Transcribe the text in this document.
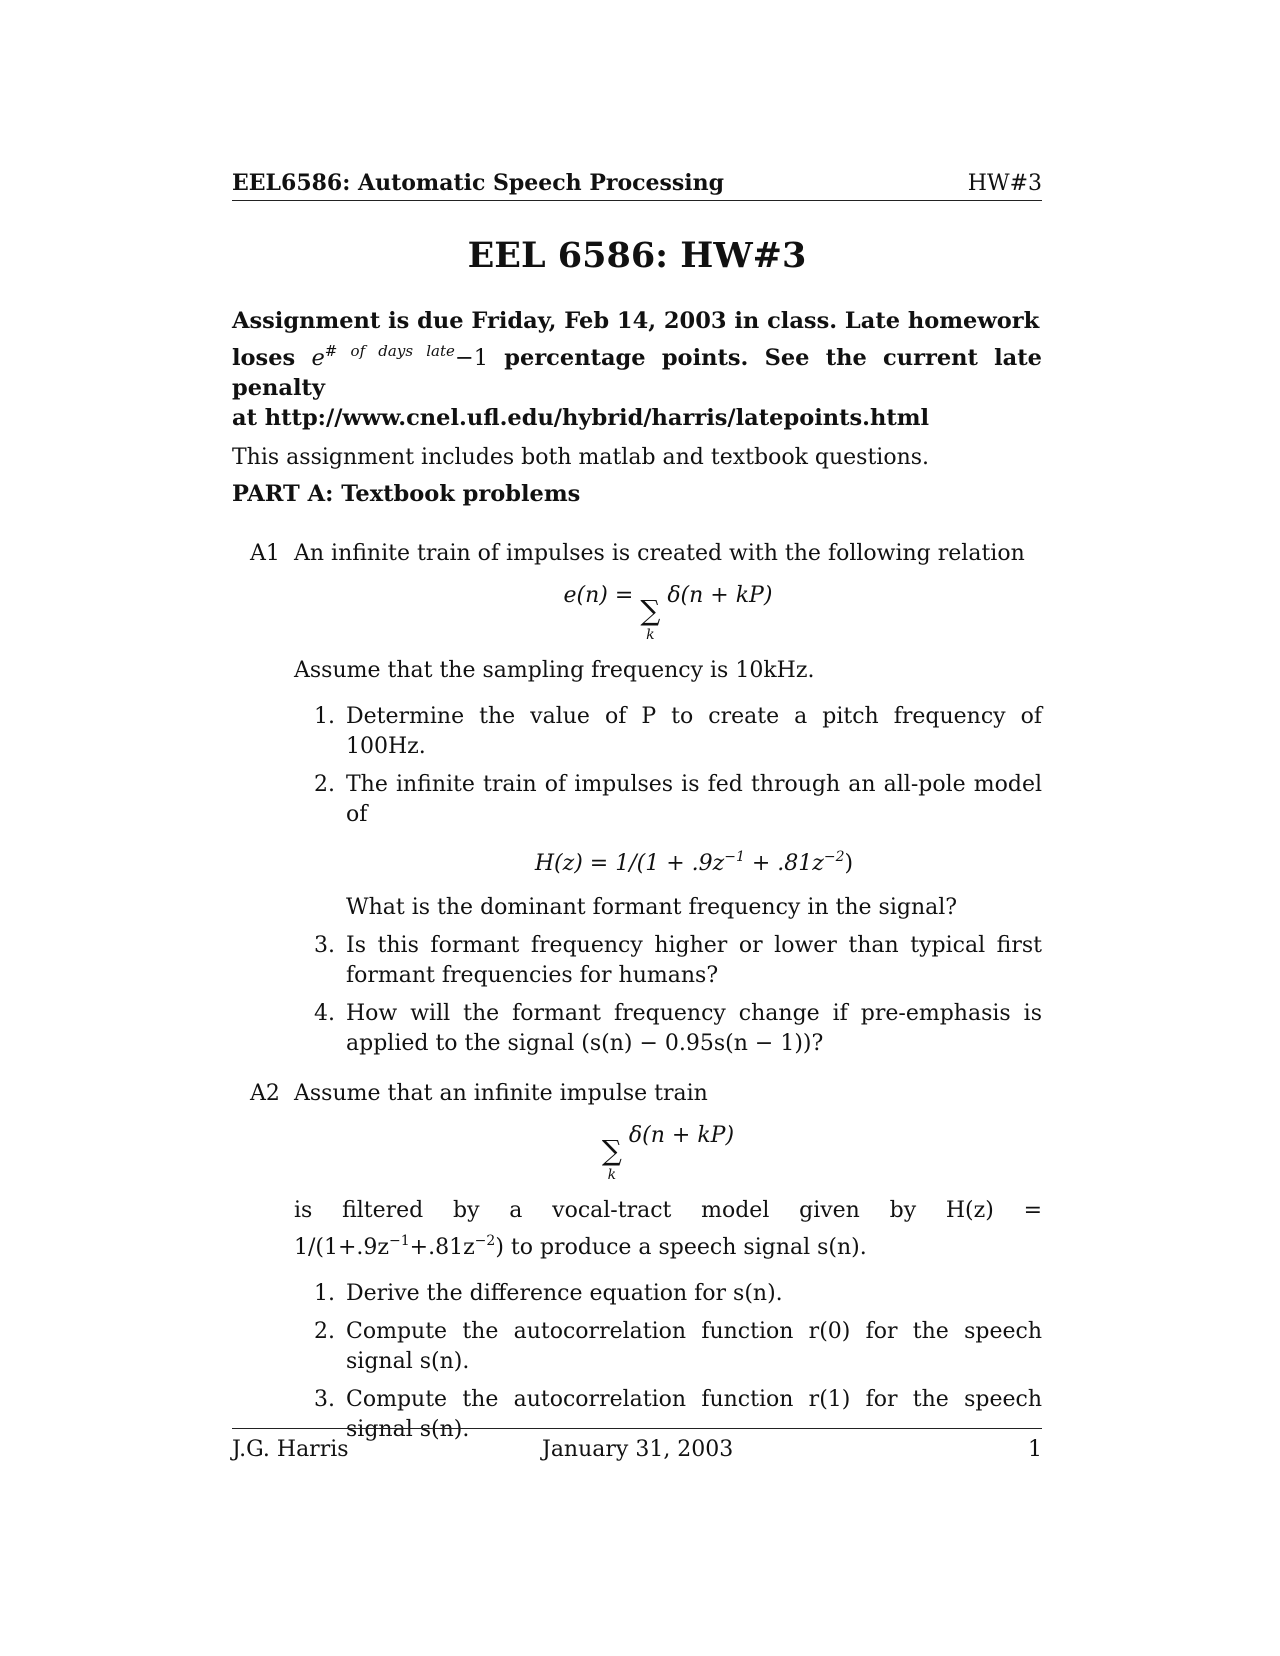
EEL6586: Automatic Speech Processing	HW#3
EEL 6586: HW#3
Assignment is due Friday, Feb 14, 2003 in class. Late homework
loses $e^{\# of days late}-1$ percentage points. See the current late penalty
at http://www.cnel.ufl.edu/hybrid/harris/latepoints.html
This assignment includes both matlab and textbook questions.
PART A: Textbook problems
A1 An infinite train of impulses is created with the following relation
e(n) = ∑
k
δ(n + kP)
Assume that the sampling frequency is 10kHz.
1. Determine the value of P to create a pitch frequency of 100Hz.
2. The infinite train of impulses is fed through an all-pole model of
$H(z) = 1/(1 + .9z^{-1} + .81z^{-2})$
What is the dominant formant frequency in the signal?
3. Is this formant frequency higher or lower than typical first formant frequencies for humans?
4. How will the formant frequency change if pre-emphasis is applied to the signal (s(n) − 0.95s(n − 1))?
A2 Assume that an infinite impulse train
∑
k
δ(n + kP)
is filtered by a vocal-tract model given by $H(z) = 1/(1+.9z^{-1}+.81z^{-2})$ to produce a speech signal s(n).
1. Derive the difference equation for s(n).
2. Compute the autocorrelation function r(0) for the speech signal s(n).
3. Compute the autocorrelation function r(1) for the speech signal s(n).
J.G. Harris	January 31, 2003	1
